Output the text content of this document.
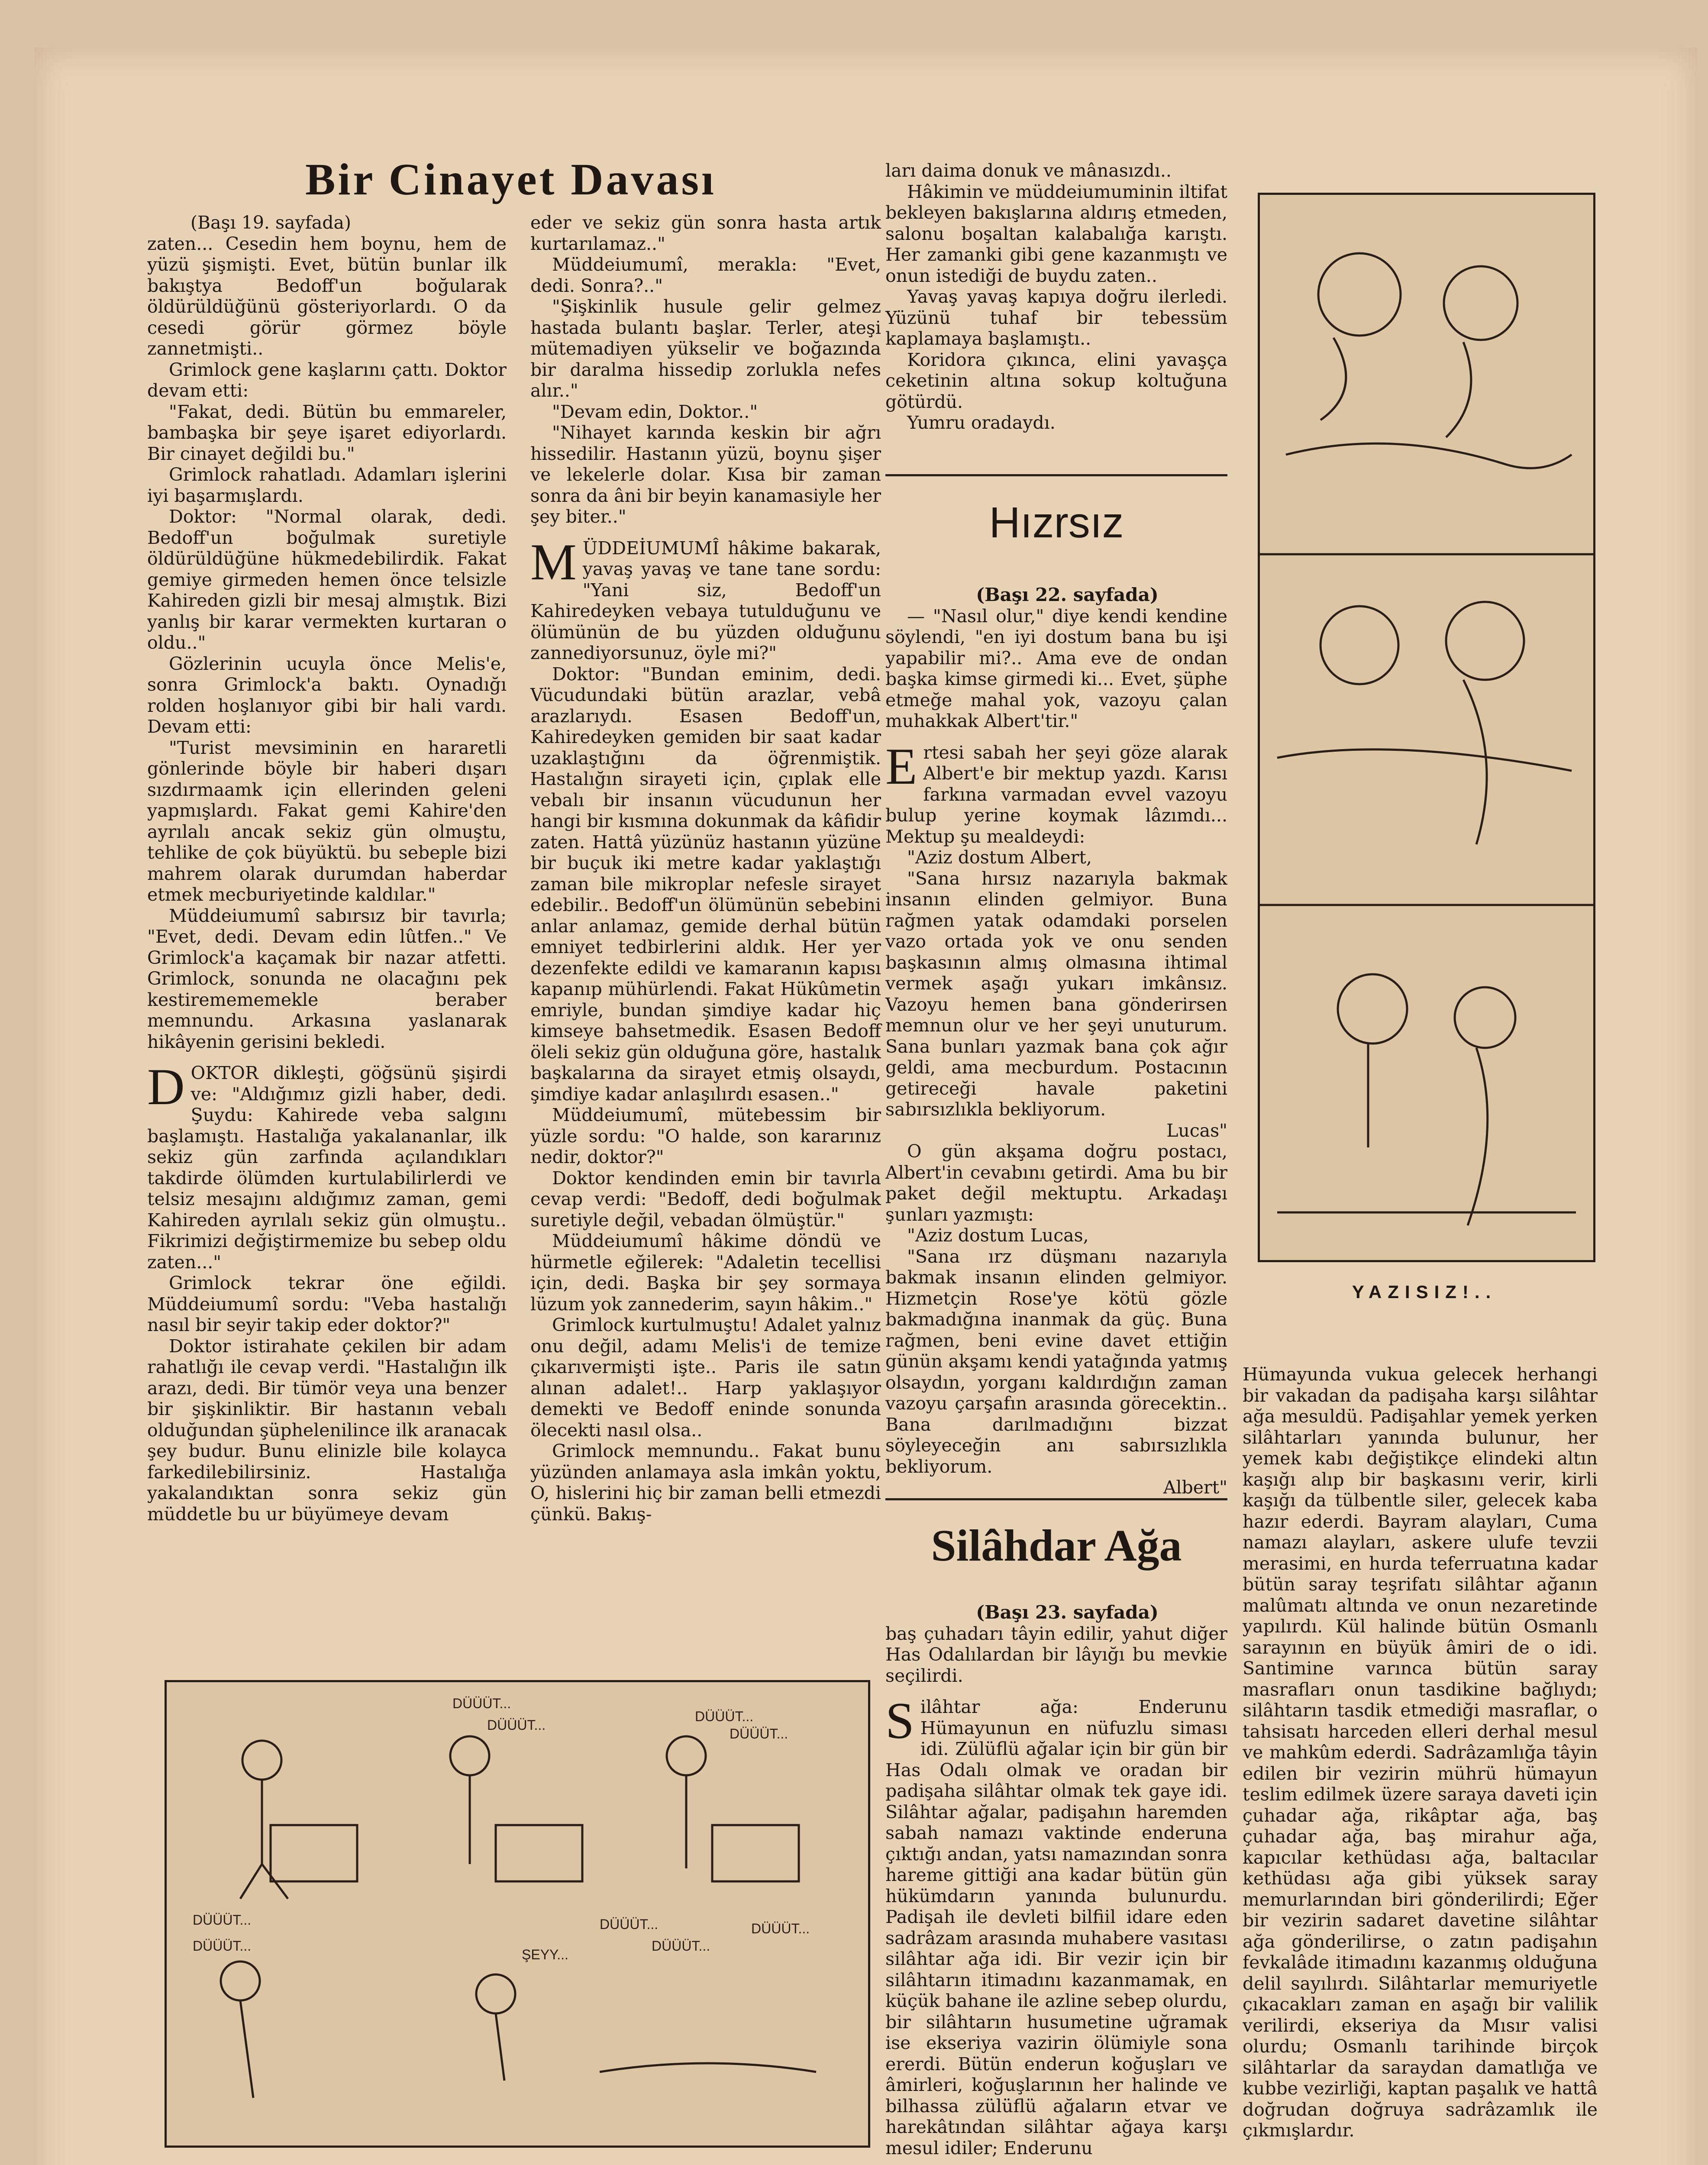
Bir Cinayet Davası

(Başı 19. sayfada)

zaten... Cesedin hem boynu, hem de yüzü şişmişti. Evet, bütün bunlar ilk bakıştya Bedoff'un boğularak öldürüldüğünü gösteriyorlardı. O da cesedi görür görmez böyle zannetmişti..

Grimlock gene kaşlarını çattı. Doktor devam etti:

"Fakat, dedi. Bütün bu emmareler, bambaşka bir şeye işaret ediyorlardı. Bir cinayet değildi bu."

Grimlock rahatladı. Adamları işlerini iyi başarmışlardı.

Doktor: "Normal olarak, dedi. Bedoff'un boğulmak suretiyle öldürüldüğüne hükmedebilirdik. Fakat gemiye girmeden hemen önce telsizle Kahireden gizli bir mesaj almıştık. Bizi yanlış bir karar vermekten kurtaran o oldu.."

Gözlerinin ucuyla önce Melis'e, sonra Grimlock'a baktı. Oynadığı rolden hoşlanıyor gibi bir hali vardı. Devam etti:

"Turist mevsiminin en hararetli gönlerinde böyle bir haberi dışarı sızdırmaamk için ellerinden geleni yapmışlardı. Fakat gemi Kahire'den ayrılalı ancak sekiz gün olmuştu, tehlike de çok büyüktü. bu sebeple bizi mahrem olarak durumdan haberdar etmek mecburiyetinde kaldılar."

Müddeiumumî sabırsız bir tavırla; "Evet, dedi. Devam edin lûtfen.." Ve Grimlock'a kaçamak bir nazar atfetti. Grimlock, sonunda ne olacağını pek kestiremememekle beraber memnundu. Arkasına yaslanarak hikâyenin gerisini bekledi.

DOKTOR dikleşti, göğsünü şişirdi ve: "Aldığımız gizli haber, dedi. Şuydu: Kahirede veba salgını başlamıştı. Hastalığa yakalananlar, ilk sekiz gün zarfında açılandıkları takdirde ölümden kurtulabilirlerdi ve telsiz mesajını aldığımız zaman, gemi Kahireden ayrılalı sekiz gün olmuştu.. Fikrimizi değiştirmemize bu sebep oldu zaten..."

Grimlock tekrar öne eğildi. Müddeiumumî sordu: "Veba hastalığı nasıl bir seyir takip eder doktor?"

Doktor istirahate çekilen bir adam rahatlığı ile cevap verdi. "Hastalığın ilk arazı, dedi. Bir tümör veya una benzer bir şişkinliktir. Bir hastanın vebalı olduğundan şüphelenilince ilk aranacak şey budur. Bunu elinizle bile kolayca farkedilebilirsiniz. Hastalığa yakalandıktan sonra sekiz gün müddetle bu ur büyümeye devam

eder ve sekiz gün sonra hasta artık kurtarılamaz.."

Müddeiumumî, merakla: "Evet, dedi. Sonra?.."

"Şişkinlik husule gelir gelmez hastada bulantı başlar. Terler, ateşi mütemadiyen yükselir ve boğazında bir daralma hissedip zorlukla nefes alır.."

"Devam edin, Doktor.."

"Nihayet karında keskin bir ağrı hissedilir. Hastanın yüzü, boynu şişer ve lekelerle dolar. Kısa bir zaman sonra da âni bir beyin kanamasiyle her şey biter.."

MÜDDEİUMUMÎ hâkime bakarak, yavaş yavaş ve tane tane sordu: "Yani siz, Bedoff'un Kahiredeyken vebaya tutulduğunu ve ölümünün de bu yüzden olduğunu zannediyorsunuz, öyle mi?"

Doktor: "Bundan eminim, dedi. Vücudundaki bütün arazlar, vebâ arazlarıydı. Esasen Bedoff'un, Kahiredeyken gemiden bir saat kadar uzaklaştığını da öğrenmiştik. Hastalığın sirayeti için, çıplak elle vebalı bir insanın vücudunun her hangi bir kısmına dokunmak da kâfidir zaten. Hattâ yüzünüz hastanın yüzüne bir buçuk iki metre kadar yaklaştığı zaman bile mikroplar nefesle sirayet edebilir.. Bedoff'un ölümünün sebebini anlar anlamaz, gemide derhal bütün emniyet tedbirlerini aldık. Her yer dezenfekte edildi ve kamaranın kapısı kapanıp mühürlendi. Fakat Hükûmetin emriyle, bundan şimdiye kadar hiç kimseye bahsetmedik. Esasen Bedoff öleli sekiz gün olduğuna göre, hastalık başkalarına da sirayet etmiş olsaydı, şimdiye kadar anlaşılırdı esasen.."

Müddeiumumî, mütebessim bir yüzle sordu: "O halde, son kararınız nedir, doktor?"

Doktor kendinden emin bir tavırla cevap verdi: "Bedoff, dedi boğulmak suretiyle değil, vebadan ölmüştür."

Müddeiumumî hâkime döndü ve hürmetle eğilerek: "Adaletin tecellisi için, dedi. Başka bir şey sormaya lüzum yok zannederim, sayın hâkim.."

Grimlock kurtulmuştu! Adalet yalnız onu değil, adamı Melis'i de temize çıkarıvermişti işte.. Paris ile satın alınan adalet!.. Harp yaklaşıyor demekti ve Bedoff eninde sonunda ölecekti nasıl olsa..

Grimlock memnundu.. Fakat bunu yüzünden anlamaya asla imkân yoktu, O, hislerini hiç bir zaman belli etmezdi çünkü. Bakış-

ları daima donuk ve mânasızdı..

Hâkimin ve müddeiumuminin iltifat bekleyen bakışlarına aldırış etmeden, salonu boşaltan kalabalığa karıştı. Her zamanki gibi gene kazanmıştı ve onun istediği de buydu zaten..

Yavaş yavaş kapıya doğru ilerledi. Yüzünü tuhaf bir tebessüm kaplamaya başlamıştı..

Koridora çıkınca, elini yavaşça ceketinin altına sokup koltuğuna götürdü.

Yumru oradaydı.

Hızrsız

(Başı 22. sayfada)

— "Nasıl olur," diye kendi kendine söylendi, "en iyi dostum bana bu işi yapabilir mi?.. Ama eve de ondan başka kimse girmedi ki... Evet, şüphe etmeğe mahal yok, vazoyu çalan muhakkak Albert'tir."

Ertesi sabah her şeyi göze alarak Albert'e bir mektup yazdı. Karısı farkına varmadan evvel vazoyu bulup yerine koymak lâzımdı... Mektup şu mealdeydi:

"Aziz dostum Albert,

"Sana hırsız nazarıyla bakmak insanın elinden gelmiyor. Buna rağmen yatak odamdaki porselen vazo ortada yok ve onu senden başkasının almış olmasına ihtimal vermek aşağı yukarı imkânsız. Vazoyu hemen bana gönderirsen memnun olur ve her şeyi unuturum. Sana bunları yazmak bana çok ağır geldi, ama mecburdum. Postacının getireceği havale paketini sabırsızlıkla bekliyorum.

Lucas"

O gün akşama doğru postacı, Albert'in cevabını getirdi. Ama bu bir paket değil mektuptu. Arkadaşı şunları yazmıştı:

"Aziz dostum Lucas,

"Sana ırz düşmanı nazarıyla bakmak insanın elinden gelmiyor. Hizmetçin Rose'ye kötü gözle bakmadığına inanmak da güç. Buna rağmen, beni evine davet ettiğin günün akşamı kendi yatağında yatmış olsaydın, yorganı kaldırdığın zaman vazoyu çarşafın arasında görecektin.. Bana darılmadığını bizzat söyleyeceğin anı sabırsızlıkla bekliyorum.

Albert"

Silâhdar Ağa

(Başı 23. sayfada)

baş çuhadarı tâyin edilir, yahut diğer Has Odalılardan bir lâyığı bu mevkie seçilirdi.

Silâhtar ağa: Enderunu Hümayunun en nüfuzlu siması idi. Zülüflü ağalar için bir gün bir Has Odalı olmak ve oradan bir padişaha silâhtar olmak tek gaye idi. Silâhtar ağalar, padişahın haremden sabah namazı vaktinde enderuna çıktığı andan, yatsı namazından sonra hareme gittiği ana kadar bütün gün hükümdarın yanında bulunurdu. Padişah ile devleti bilfiil idare eden sadrâzam arasında muhabere vasıtası silâhtar ağa idi. Bir vezir için bir silâhtarın itimadını kazanmamak, en küçük bahane ile azline sebep olurdu, bir silâhtarın husumetine uğramak ise ekseriya vazirin ölümiyle sona ererdi. Bütün enderun koğuşları ve âmirleri, koğuşlarının her halinde ve bilhassa zülüflü ağaların etvar ve harekâtından silâhtar ağaya karşı mesul idiler; Enderunu

Hümayunda vukua gelecek herhangi bir vakadan da padişaha karşı silâhtar ağa mesuldü. Padişahlar yemek yerken silâhtarları yanında bulunur, her yemek kabı değiştikçe elindeki altın kaşığı alıp bir başkasını verir, kirli kaşığı da tülbentle siler, gelecek kaba hazır ederdi. Bayram alayları, Cuma namazı alayları, askere ulufe tevzii merasimi, en hurda teferruatına kadar bütün saray teşrifatı silâhtar ağanın malûmatı altında ve onun nezaretinde yapılırdı. Kül halinde bütün Osmanlı sarayının en büyük âmiri de o idi. Santimine varınca bütün saray masrafları onun tasdikine bağlıydı; silâhtarın tasdik etmediği masraflar, o tahsisatı harceden elleri derhal mesul ve mahkûm ederdi. Sadrâzamlığa tâyin edilen bir vezirin mührü hümayun teslim edilmek üzere saraya daveti için çuhadar ağa, rikâptar ağa, baş çuhadar ağa, baş mirahur ağa, kapıcılar kethüdası ağa, baltacılar kethüdası ağa gibi yüksek saray memurlarından biri gönderilirdi; Eğer bir vezirin sadaret davetine silâhtar ağa gönderilirse, o zatın padişahın fevkalâde itimadını kazanmış olduğuna delil sayılırdı. Silâhtarlar memuriyetle çıkacakları zaman en aşağı bir valilik verilirdi, ekseriya da Mısır valisi olurdu; Osmanlı tarihinde birçok silâhtarlar da saraydan damatlığa ve kubbe vezirliği, kaptan paşalık ve hattâ doğrudan doğruya sadrâzamlık ile çıkmışlardır.

YAZISIZ!..
DÜÜÜT...
DÜÜÜT...
DÜÜÜT...
DÜÜÜT...
DÜÜÜT...
DÜÜÜT...
ŞEYY...
DÜÜÜT...
DÜÜÜT...
DÜÜÜT...
